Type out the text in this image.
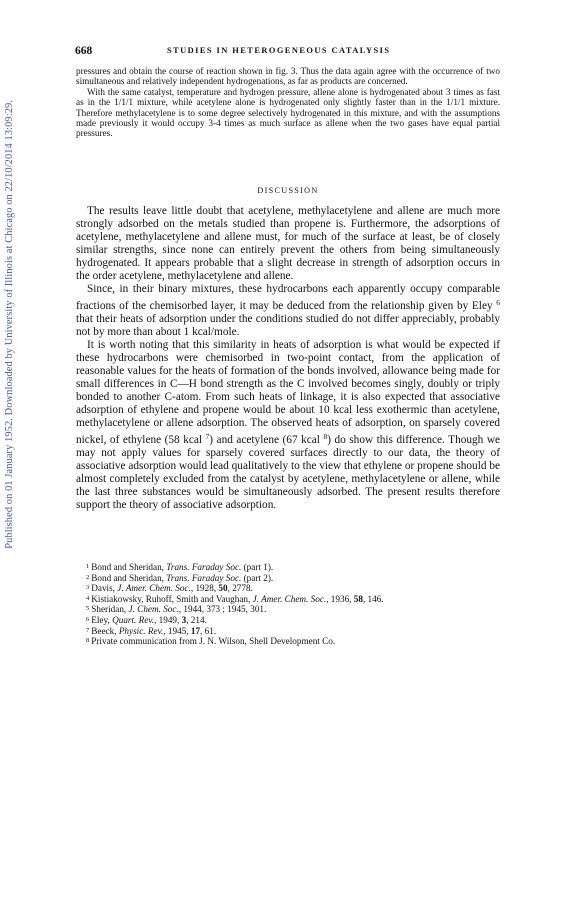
Published on 01 January 1952. Downloaded by University of Illinois at Chicago on 22/10/2014 13:09:29.
668	STUDIES IN HETEROGENEOUS CATALYSIS

pressures and obtain the course of reaction shown in fig. 3. Thus the data again agree with the occurrence of two simultaneous and relatively independent hydrogenations, as far as products are concerned.

With the same catalyst, temperature and hydrogen pressure, allene alone is hydrogenated about 3 times as fast as in the 1/1/1 mixture, while acetylene alone is hydrogenated only slightly faster than in the 1/1/1 mixture. Therefore methylacetylene is to some degree selectively hydrogenated in this mixture, and with the assumptions made previously it would occupy 3-4 times as much surface as allene when the two gases have equal partial pressures.

DISCUSSION

The results leave little doubt that acetylene, methylacetylene and allene are much more strongly adsorbed on the metals studied than propene is. Furthermore, the adsorptions of acetylene, methylacetylene and allene must, for much of the surface at least, be of closely similar strengths, since none can entirely prevent the others from being simultaneously hydrogenated. It appears probable that a slight decrease in strength of adsorption occurs in the order acetylene, methylacetylene and allene.

Since, in their binary mixtures, these hydrocarbons each apparently occupy comparable fractions of the chemisorbed layer, it may be deduced from the relationship given by Eley $^6$ that their heats of adsorption under the conditions studied do not differ appreciably, probably not by more than about 1 kcal/mole.

It is worth noting that this similarity in heats of adsorption is what would be expected if these hydrocarbons were chemisorbed in two-point contact, from the application of reasonable values for the heats of formation of the bonds involved, allowance being made for small differences in C—H bond strength as the C involved becomes singly, doubly or triply bonded to another C-atom. From such heats of linkage, it is also expected that associative adsorption of ethylene and propene would be about 10 kcal less exothermic than acetylene, methylacetylene or allene adsorption. The observed heats of adsorption, on sparsely covered nickel, of ethylene (58 kcal $^7$) and acetylene (67 kcal $^8$) do show this difference. Though we may not apply values for sparsely covered surfaces directly to our data, the theory of associative adsorption would lead qualitatively to the view that ethylene or propene should be almost completely excluded from the catalyst by acetylene, methylacetylene or allene, while the last three substances would be simultaneously adsorbed. The present results therefore support the theory of associative adsorption.

$^1$ Bond and Sheridan, Trans. Faraday Soc. (part 1).
$^2$ Bond and Sheridan, Trans. Faraday Soc. (part 2).
$^3$ Davis, J. Amer. Chem. Soc., 1928, 50, 2778.
$^4$ Kistiakowsky, Ruhoff, Smith and Vaughan, J. Amer. Chem. Soc., 1936, 58, 146.
$^5$ Sheridan, J. Chem. Soc., 1944, 373 ; 1945, 301.
$^6$ Eley, Quart. Rev., 1949, 3, 214.
$^7$ Beeck, Physic. Rev., 1945, 17, 61.
$^8$ Private communication from J. N. Wilson, Shell Development Co.
